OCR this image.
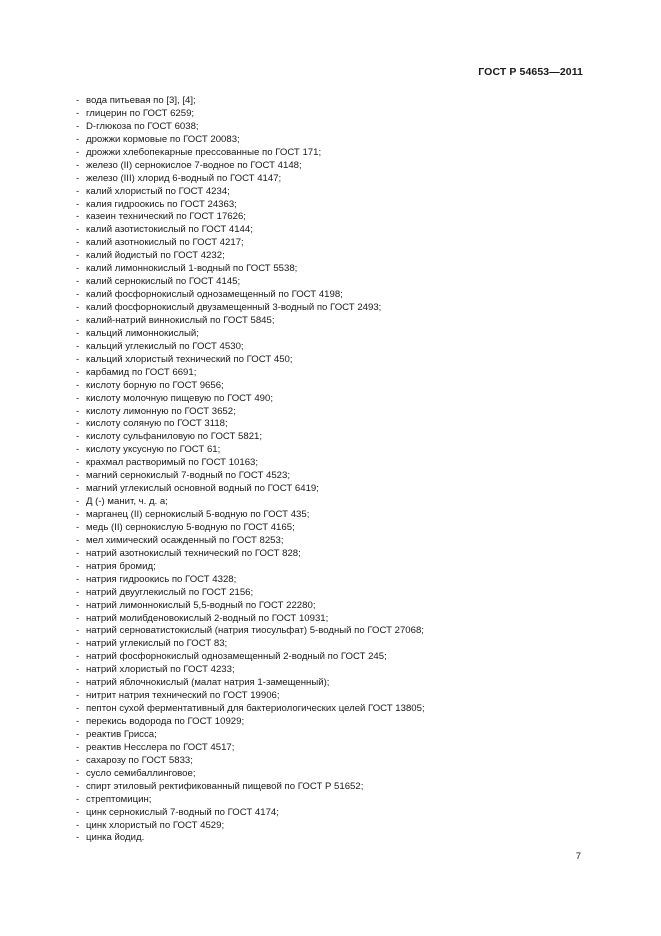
ГОСТ Р 54653—2011
- вода питьевая по [3], [4];
- глицерин по ГОСТ 6259;
- D-глюкоза по ГОСТ 6038;
- дрожжи кормовые по ГОСТ 20083;
- дрожжи хлебопекарные прессованные по ГОСТ 171;
- железо (II) сернокислое 7-водное по ГОСТ 4148;
- железо (III) хлорид 6-водный по ГОСТ 4147;
- калий хлористый по ГОСТ 4234;
- калия гидроокись по ГОСТ 24363;
- казеин технический по ГОСТ 17626;
- калий азотистокислый по ГОСТ 4144;
- калий азотнокислый по ГОСТ 4217;
- калий йодистый по ГОСТ 4232;
- калий лимоннокислый 1-водный по ГОСТ 5538;
- калий сернокислый по ГОСТ 4145;
- калий фосфорнокислый однозамещенный по ГОСТ 4198;
- калий фосфорнокислый двузамещенный 3-водный по ГОСТ 2493;
- калий-натрий виннокислый по ГОСТ 5845;
- кальций лимоннокислый;
- кальций углекислый по ГОСТ 4530;
- кальций хлористый технический по ГОСТ 450;
- карбамид по ГОСТ 6691;
- кислоту борную по ГОСТ 9656;
- кислоту молочную пищевую по ГОСТ 490;
- кислоту лимонную по ГОСТ 3652;
- кислоту соляную по ГОСТ 3118;
- кислоту сульфаниловую по ГОСТ 5821;
- кислоту уксусную по ГОСТ 61;
- крахмал растворимый по ГОСТ 10163;
- магний сернокислый 7-водный по ГОСТ 4523;
- магний углекислый основной водный по ГОСТ 6419;
- Д (-) манит, ч. д. а;
- марганец (II) сернокислый 5-водную по ГОСТ 435;
- медь (II) сернокислую 5-водную по ГОСТ 4165;
- мел химический осажденный по ГОСТ 8253;
- натрий азотнокислый технический по ГОСТ 828;
- натрия бромид;
- натрия гидроокись по ГОСТ 4328;
- натрий двууглекислый по ГОСТ 2156;
- натрий лимоннокислый 5,5-водный по ГОСТ 22280;
- натрий молибденовокислый 2-водный по ГОСТ 10931;
- натрий серноватистокислый (натрия тиосульфат) 5-водный по ГОСТ 27068;
- натрий углекислый по ГОСТ 83;
- натрий фосфорнокислый однозамещенный 2-водный по ГОСТ 245;
- натрий хлористый по ГОСТ 4233;
- натрий яблочнокислый (малат натрия 1-замещенный);
- нитрит натрия технический по ГОСТ 19906;
- пептон сухой ферментативный для бактериологических целей ГОСТ 13805;
- перекись водорода по ГОСТ 10929;
- реактив Грисса;
- реактив Несслера по ГОСТ 4517;
- сахарозу по ГОСТ 5833;
- сусло семибаллинговое;
- спирт этиловый ректификованный пищевой по ГОСТ Р 51652;
- стрептомицин;
- цинк сернокислый 7-водный по ГОСТ 4174;
- цинк хлористый по ГОСТ 4529;
- цинка йодид.
7
